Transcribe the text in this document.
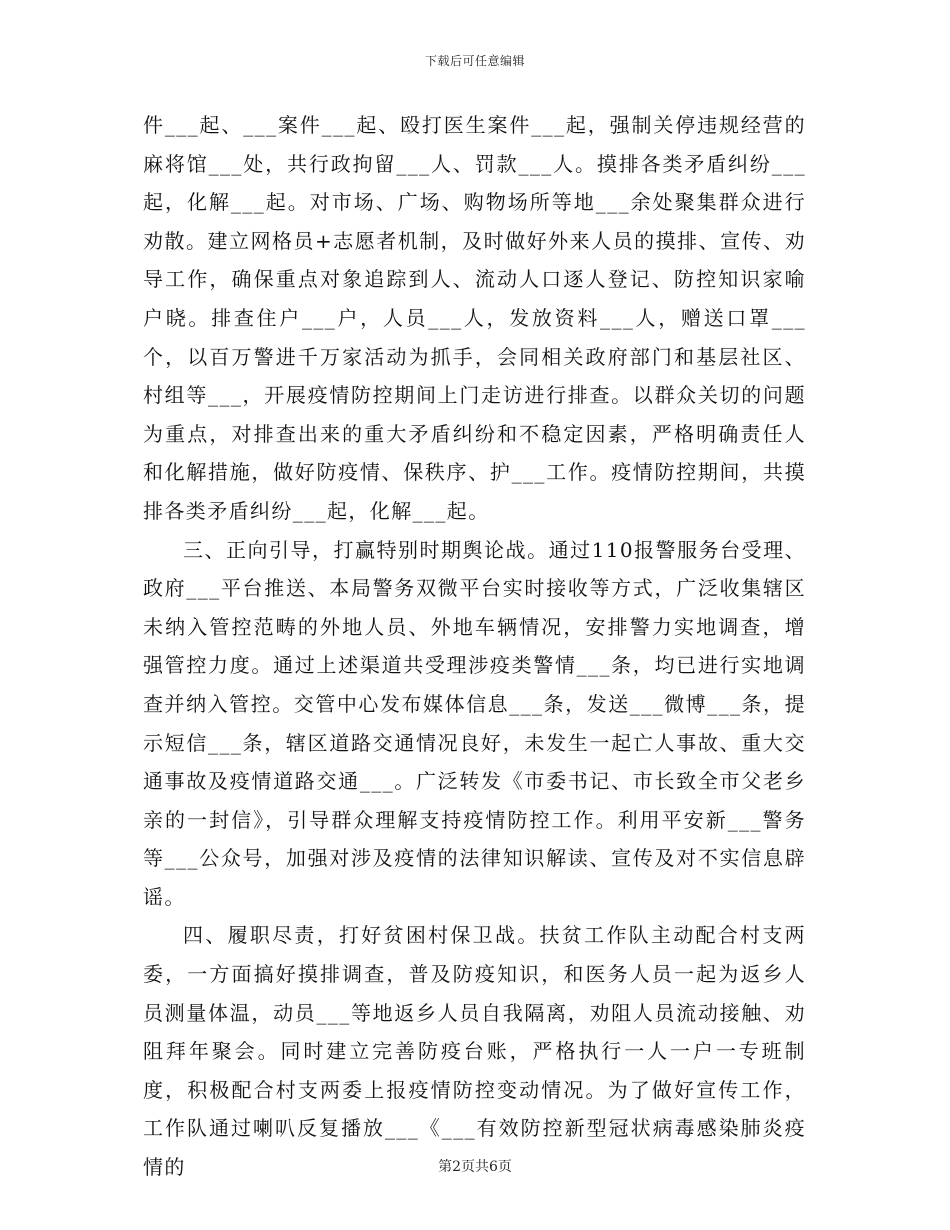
下载后可任意编辑

件___起、___案件___起、殴打医生案件___起，强制关停违规经营的麻将馆___处，共行政拘留___人、罚款___人。摸排各类矛盾纠纷___起，化解___起。对市场、广场、购物场所等地___余处聚集群众进行劝散。建立网格员+志愿者机制，及时做好外来人员的摸排、宣传、劝导工作，确保重点对象追踪到人、流动人口逐人登记、防控知识家喻户晓。排查住户___户，人员___人，发放资料___人，赠送口罩___个，以百万警进千万家活动为抓手，会同相关政府部门和基层社区、村组等___，开展疫情防控期间上门走访进行排查。以群众关切的问题为重点，对排查出来的重大矛盾纠纷和不稳定因素，严格明确责任人和化解措施，做好防疫情、保秩序、护___工作。疫情防控期间，共摸排各类矛盾纠纷___起，化解___起。

三、正向引导，打赢特别时期舆论战。通过110报警服务台受理、政府___平台推送、本局警务双微平台实时接收等方式，广泛收集辖区未纳入管控范畴的外地人员、外地车辆情况，安排警力实地调查，增强管控力度。通过上述渠道共受理涉疫类警情___条，均已进行实地调查并纳入管控。交管中心发布媒体信息___条，发送___微博___条，提示短信___条，辖区道路交通情况良好，未发生一起亡人事故、重大交通事故及疫情道路交通___。广泛转发《市委书记、市长致全市父老乡亲的一封信》，引导群众理解支持疫情防控工作。利用平安新___警务等___公众号，加强对涉及疫情的法律知识解读、宣传及对不实信息辟谣。

四、履职尽责，打好贫困村保卫战。扶贫工作队主动配合村支两委，一方面搞好摸排调查，普及防疫知识，和医务人员一起为返乡人员测量体温，动员___等地返乡人员自我隔离，劝阻人员流动接触、劝阻拜年聚会。同时建立完善防疫台账，严格执行一人一户一专班制度，积极配合村支两委上报疫情防控变动情况。为了做好宣传工作，工作队通过喇叭反复播放___《___有效防控新型冠状病毒感染肺炎疫情的	第2页共6页
